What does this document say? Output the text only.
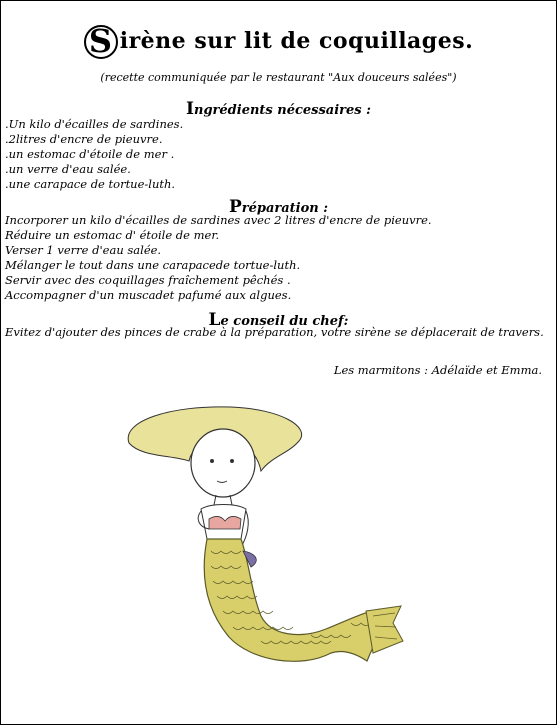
S irène sur lit de coquillages.
(recette communiquée par le restaurant "Aux douceurs salées")
Ingrédients nécessaires :
.Un kilo d'écailles de sardines.
.2litres d'encre de pieuvre.
.un estomac d'étoile de mer .
.un verre d'eau salée.
.une carapace de tortue-luth.
Préparation :
Incorporer un kilo d'écailles de sardines avec 2 litres d'encre de pieuvre.
Réduire un estomac d' étoile de mer.
Verser 1 verre d'eau salée.
Mélanger le tout dans une carapacede tortue-luth.
Servir avec des coquillages fraîchement pêchés .
Accompagner d'un muscadet pafumé aux algues.
Le conseil du chef:
Evitez d'ajouter des pinces de crabe à la préparation, votre sirène se déplacerait de travers.
Les marmitons : Adélaïde et Emma.
